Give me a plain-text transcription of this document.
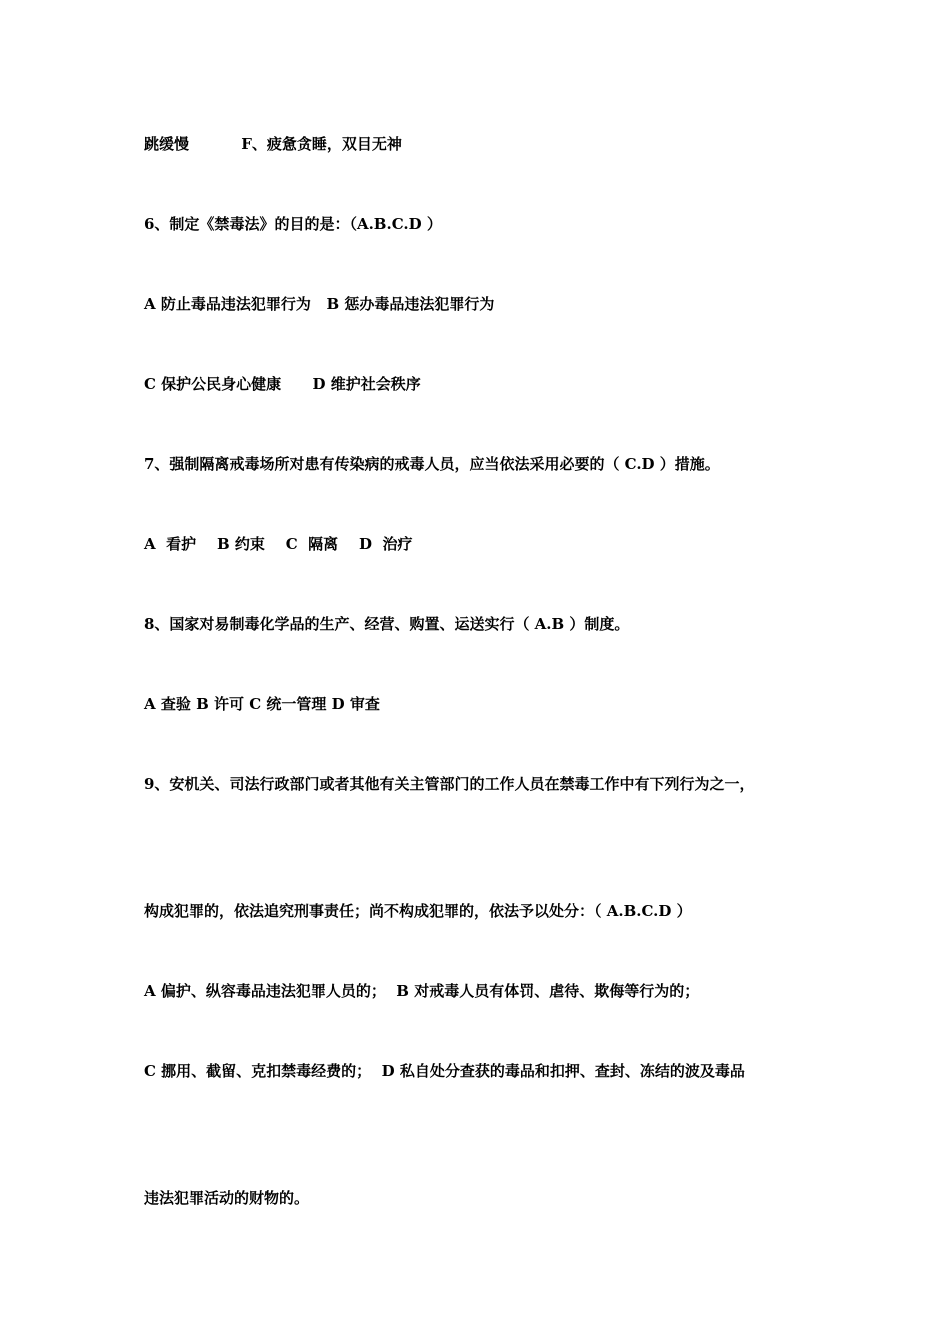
跳缓慢          F、疲惫贪睡，双目无神
6、制定《禁毒法》的目的是：（A.B.C.D ）
A 防止毒品违法犯罪行为   B 惩办毒品违法犯罪行为
C 保护公民身心健康      D 维护社会秩序
7、强制隔离戒毒场所对患有传染病的戒毒人员，应当依法采用必要的（ C.D ）措施。
A  看护    B 约束    C  隔离    D  治疗
8、国家对易制毒化学品的生产、经营、购置、运送实行（ A.B ）制度。
A 查验 B 许可 C 统一管理 D 审查
9、安机关、司法行政部门或者其他有关主管部门的工作人员在禁毒工作中有下列行为之一，
构成犯罪的，依法追究刑事责任；尚不构成犯罪的，依法予以处分：（ A.B.C.D ）
A 偏护、纵容毒品违法犯罪人员的；  B 对戒毒人员有体罚、虐待、欺侮等行为的；
C 挪用、截留、克扣禁毒经费的；  D 私自处分查获的毒品和扣押、查封、冻结的波及毒品
违法犯罪活动的财物的。
